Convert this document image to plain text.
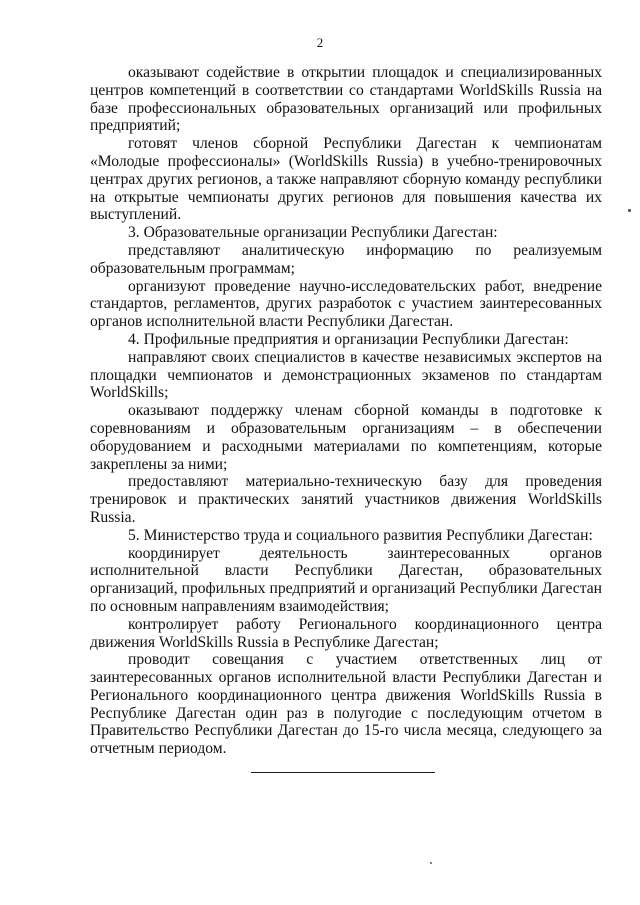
2

оказывают содействие в открытии площадок и специализированных центров компетенций в соответствии со стандартами WorldSkills Russia на базе профессиональных образовательных организаций или профильных предприятий;

готовят членов сборной Республики Дагестан к чемпионатам «Молодые профессионалы» (WorldSkills Russia) в учебно-тренировочных центрах других регионов, а также направляют сборную команду республики на открытые чемпионаты других регионов для повышения качества их выступлений.

3. Образовательные организации Республики Дагестан:

представляют аналитическую информацию по реализуемым образовательным программам;

организуют проведение научно-исследовательских работ, внедрение стандартов, регламентов, других разработок с участием заинтересованных органов исполнительной власти Республики Дагестан.

4. Профильные предприятия и организации Республики Дагестан:

направляют своих специалистов в качестве независимых экспертов на площадки чемпионатов и демонстрационных экзаменов по стандартам WorldSkills;

оказывают поддержку членам сборной команды в подготовке к соревнованиям и образовательным организациям – в обеспечении оборудованием и расходными материалами по компетенциям, которые закреплены за ними;

предоставляют материально-техническую базу для проведения тренировок и практических занятий участников движения WorldSkills Russia.

5. Министерство труда и социального развития Республики Дагестан:

координирует деятельность заинтересованных органов исполнительной власти Республики Дагестан, образовательных организаций, профильных предприятий и организаций Республики Дагестан по основным направлениям взаимодействия;

контролирует работу Регионального координационного центра движения WorldSkills Russia в Республике Дагестан;

проводит совещания с участием ответственных лиц от заинтересованных органов исполнительной власти Республики Дагестан и Регионального координационного центра движения WorldSkills Russia в Республике Дагестан один раз в полугодие с последующим отчетом в Правительство Республики Дагестан до 15-го числа месяца, следующего за отчетным периодом.
